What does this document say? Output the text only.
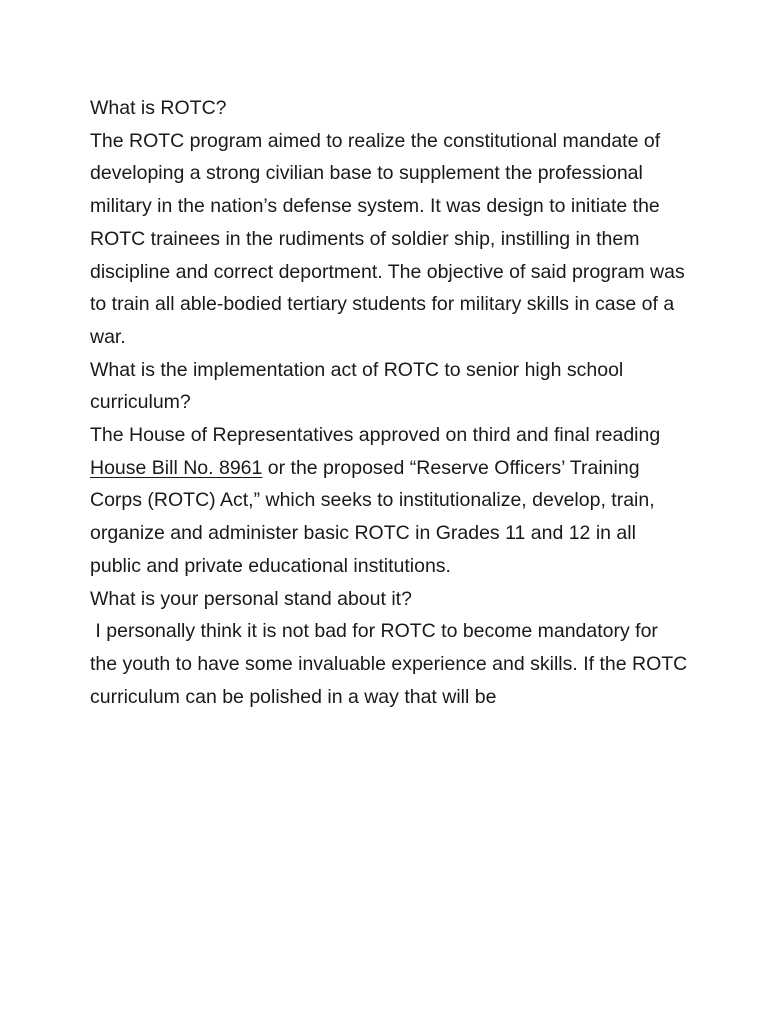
What is ROTC?

The ROTC program aimed to realize the constitutional mandate of developing a strong civilian base to supplement the professional military in the nation’s defense system. It was design to initiate the ROTC trainees in the rudiments of soldier ship, instilling in them discipline and correct deportment. The objective of said program was to train all able-bodied tertiary students for military skills in case of a war.

What is the implementation act of ROTC to senior high school curriculum?

The House of Representatives approved on third and final reading House Bill No. 8961 or the proposed “Reserve Officers’ Training Corps (ROTC) Act,” which seeks to institutionalize, develop, train, organize and administer basic ROTC in Grades 11 and 12 in all public and private educational institutions.

What is your personal stand about it?

I personally think it is not bad for ROTC to become mandatory for the youth to have some invaluable experience and skills. If the ROTC curriculum can be polished in a way that will be
